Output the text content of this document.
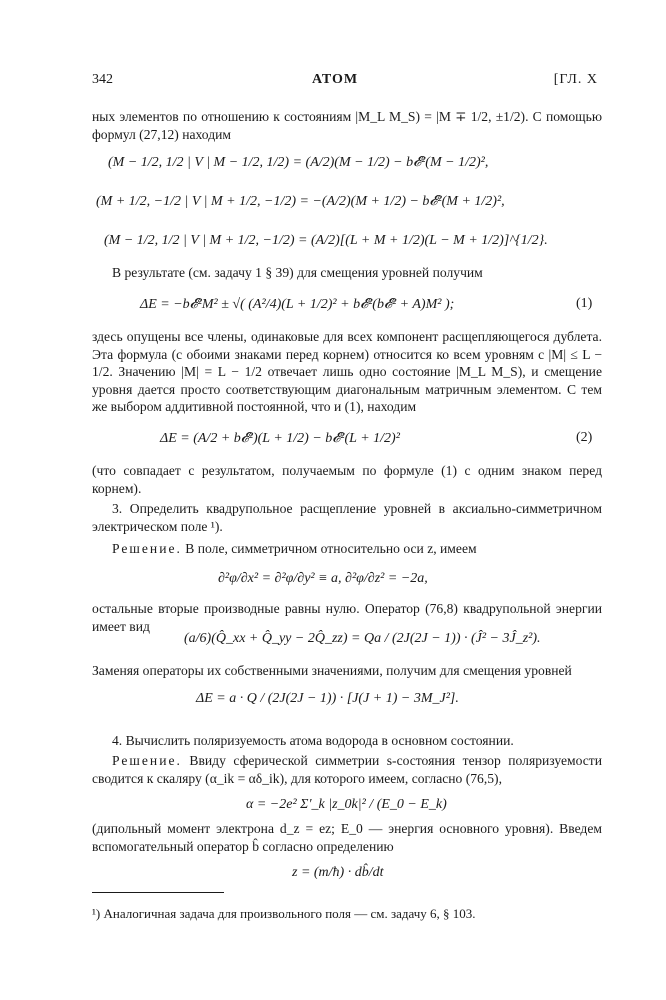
342	АТОМ	[ГЛ. X
ных элементов по отношению к состояниям |M_L M_S) = |M ∓ 1/2, ±1/2). С помощью формул (27,12) находим
(M − 1/2, 1/2 | V | M − 1/2, 1/2) = (A/2)(M − 1/2) − b𝓔²(M − 1/2)²,
(M + 1/2, −1/2 | V | M + 1/2, −1/2) = −(A/2)(M + 1/2) − b𝓔²(M + 1/2)²,
(M − 1/2, 1/2 | V | M + 1/2, −1/2) = (A/2)[(L + M + 1/2)(L − M + 1/2)]^{1/2}.
В результате (см. задачу 1 § 39) для смещения уровней получим
ΔE = −b𝓔²M² ± √( (A²/4)(L + 1/2)² + b𝓔²(b𝓔² + A)M² );	(1)
здесь опущены все члены, одинаковые для всех компонент расщепляющегося дублета. Эта формула (с обоими знаками перед корнем) относится ко всем уровням с |M| ≤ L − 1/2. Значению |M| = L − 1/2 отвечает лишь одно состояние |M_L M_S), и смещение уровня дается просто соответствующим диагональным матричным элементом. С тем же выбором аддитивной постоянной, что и (1), находим
ΔE = (A/2 + b𝓔²)(L + 1/2) − b𝓔²(L + 1/2)²	(2)
(что совпадает с результатом, получаемым по формуле (1) с одним знаком перед корнем).
3. Определить квадрупольное расщепление уровней в аксиально-симметричном электрическом поле ¹).
Решение. В поле, симметричном относительно оси z, имеем
∂²φ/∂x² = ∂²φ/∂y² ≡ a, ∂²φ/∂z² = −2a,
остальные вторые производные равны нулю. Оператор (76,8) квадрупольной энергии имеет вид
(a/6)(Q̂_xx + Q̂_yy − 2Q̂_zz) = Qa / (2J(2J − 1)) · (Ĵ² − 3Ĵ_z²).
Заменяя операторы их собственными значениями, получим для смещения уровней
ΔE = a · Q / (2J(2J − 1)) · [J(J + 1) − 3M_J²].
4. Вычислить поляризуемость атома водорода в основном состоянии.
Решение. Ввиду сферической симметрии s-состояния тензор поляризуемости сводится к скаляру (α_ik = αδ_ik), для которого имеем, согласно (76,5),
α = −2e² Σ′_k |z_0k|² / (E_0 − E_k)
(дипольный момент электрона d_z = ez; E_0 — энергия основного уровня). Введем вспомогательный оператор b̂ согласно определению
z = (m/ħ) · db̂/dt
¹) Аналогичная задача для произвольного поля — см. задачу 6, § 103.
